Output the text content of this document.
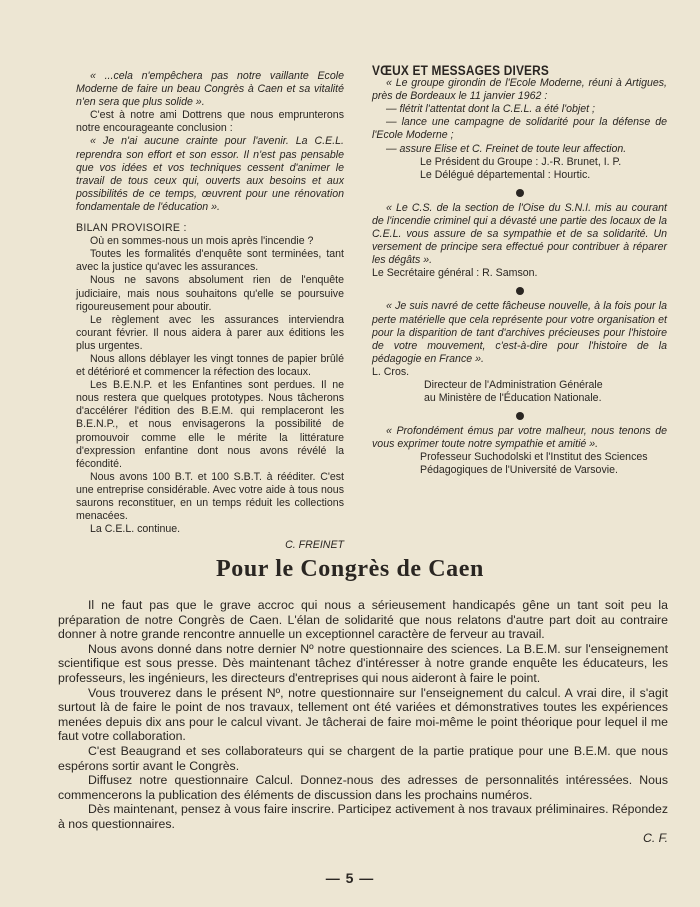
« ...cela n'empêchera pas notre vaillante Ecole Moderne de faire un beau Congrès à Caen et sa vitalité n'en sera que plus solide ».

C'est à notre ami Dottrens que nous emprunterons notre encourageante conclusion :

« Je n'ai aucune crainte pour l'avenir. La C.E.L. reprendra son effort et son essor. Il n'est pas pensable que vos idées et vos techniques cessent d'animer le travail de tous ceux qui, ouverts aux besoins et aux possibilités de ce temps, œuvrent pour une rénovation fondamentale de l'éducation ».

BILAN PROVISOIRE :

Où en sommes-nous un mois après l'incendie ?

Toutes les formalités d'enquête sont terminées, tant avec la justice qu'avec les assurances.

Nous ne savons absolument rien de l'enquête judiciaire, mais nous souhaitons qu'elle se poursuive rigoureusement pour aboutir.

Le règlement avec les assurances interviendra courant février. Il nous aidera à parer aux éditions les plus urgentes.

Nous allons déblayer les vingt tonnes de papier brûlé et détérioré et commencer la réfection des locaux.

Les B.E.N.P. et les Enfantines sont perdues. Il ne nous restera que quelques prototypes. Nous tâcherons d'accélérer l'édition des B.E.M. qui remplaceront les B.E.N.P., et nous envisagerons la possibilité de promouvoir comme elle le mérite la littérature d'expression enfantine dont nous avons révélé la fécondité.

Nous avons 100 B.T. et 100 S.B.T. à rééditer. C'est une entreprise considérable. Avec votre aide à tous nous saurons reconstituer, en un temps réduit les collections menacées.

La C.E.L. continue.

C. FREINET

VŒUX ET MESSAGES DIVERS

« Le groupe girondin de l'Ecole Moderne, réuni à Artigues, près de Bordeaux le 11 janvier 1962 :

— flétrit l'attentat dont la C.E.L. a été l'objet ;

— lance une campagne de solidarité pour la défense de l'Ecole Moderne ;

— assure Elise et C. Freinet de toute leur affection.

Le Président du Groupe : J.-R. Brunet, I. P.

Le Délégué départemental : Hourtic.

« Le C.S. de la section de l'Oise du S.N.I. mis au courant de l'incendie criminel qui a dévasté une partie des locaux de la C.E.L. vous assure de sa sympathie et de sa solidarité. Un versement de principe sera effectué pour contribuer à réparer les dégâts ».

Le Secrétaire général : R. Samson.

« Je suis navré de cette fâcheuse nouvelle, à la fois pour la perte matérielle que cela représente pour votre organisation et pour la disparition de tant d'archives précieuses pour l'histoire de votre mouvement, c'est-à-dire pour l'histoire de la pédagogie en France ».

L. Cros.

Directeur de l'Administration Générale

au Ministère de l'Éducation Nationale.

« Profondément émus par votre malheur, nous tenons de vous exprimer toute notre sympathie et amitié ».

Professeur Suchodolski et l'Institut des Sciences

Pédagogiques de l'Université de Varsovie.

Pour le Congrès de Caen

Il ne faut pas que le grave accroc qui nous a sérieusement handicapés gêne un tant soit peu la préparation de notre Congrès de Caen. L'élan de solidarité que nous relatons d'autre part doit au contraire donner à notre grande rencontre annuelle un exceptionnel caractère de ferveur au travail.

Nous avons donné dans notre dernier Nº notre questionnaire des sciences. La B.E.M. sur l'enseignement scientifique est sous presse. Dès maintenant tâchez d'intéresser à notre grande enquête les éducateurs, les professeurs, les ingénieurs, les directeurs d'entreprises qui nous aideront à faire le point.

Vous trouverez dans le présent Nº, notre questionnaire sur l'enseignement du calcul. A vrai dire, il s'agit surtout là de faire le point de nos travaux, tellement ont été variées et démonstratives toutes les expériences menées depuis dix ans pour le calcul vivant. Je tâcherai de faire moi-même le point théorique pour lequel il me faut votre collaboration.

C'est Beaugrand et ses collaborateurs qui se chargent de la partie pratique pour une B.E.M. que nous espérons sortir avant le Congrès.

Diffusez notre questionnaire Calcul. Donnez-nous des adresses de personnalités intéressées. Nous commencerons la publication des éléments de discussion dans les prochains numéros.

Dès maintenant, pensez à vous faire inscrire. Participez activement à nos travaux préliminaires. Répondez à nos questionnaires.

C. F.

— 5 —
